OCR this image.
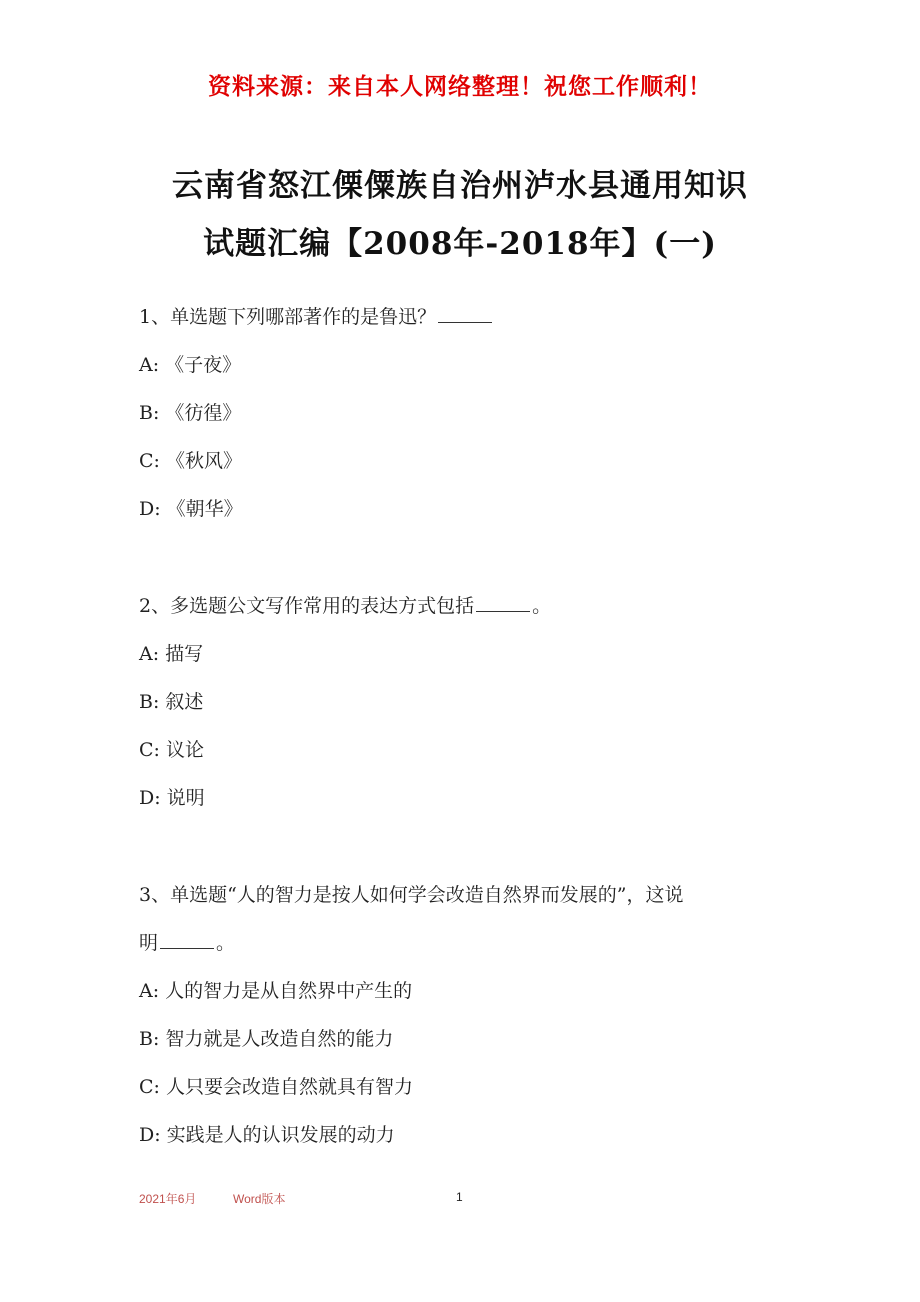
资料来源：来自本人网络整理！祝您工作顺利！
云南省怒江傈僳族自治州泸水县通用知识
试题汇编【2008年-2018年】(一)
1、单选题下列哪部著作的是鲁迅？
A: 《子夜》
B: 《彷徨》
C: 《秋风》
D: 《朝华》
2、多选题公文写作常用的表达方式包括	。
A: 描写
B: 叙述
C: 议论
D: 说明
3、单选题“人的智力是按人如何学会改造自然界而发展的”，这说
明	。
A: 人的智力是从自然界中产生的
B: 智力就是人改造自然的能力
C: 人只要会改造自然就具有智力
D: 实践是人的认识发展的动力
2021年6月	Word版本	1
